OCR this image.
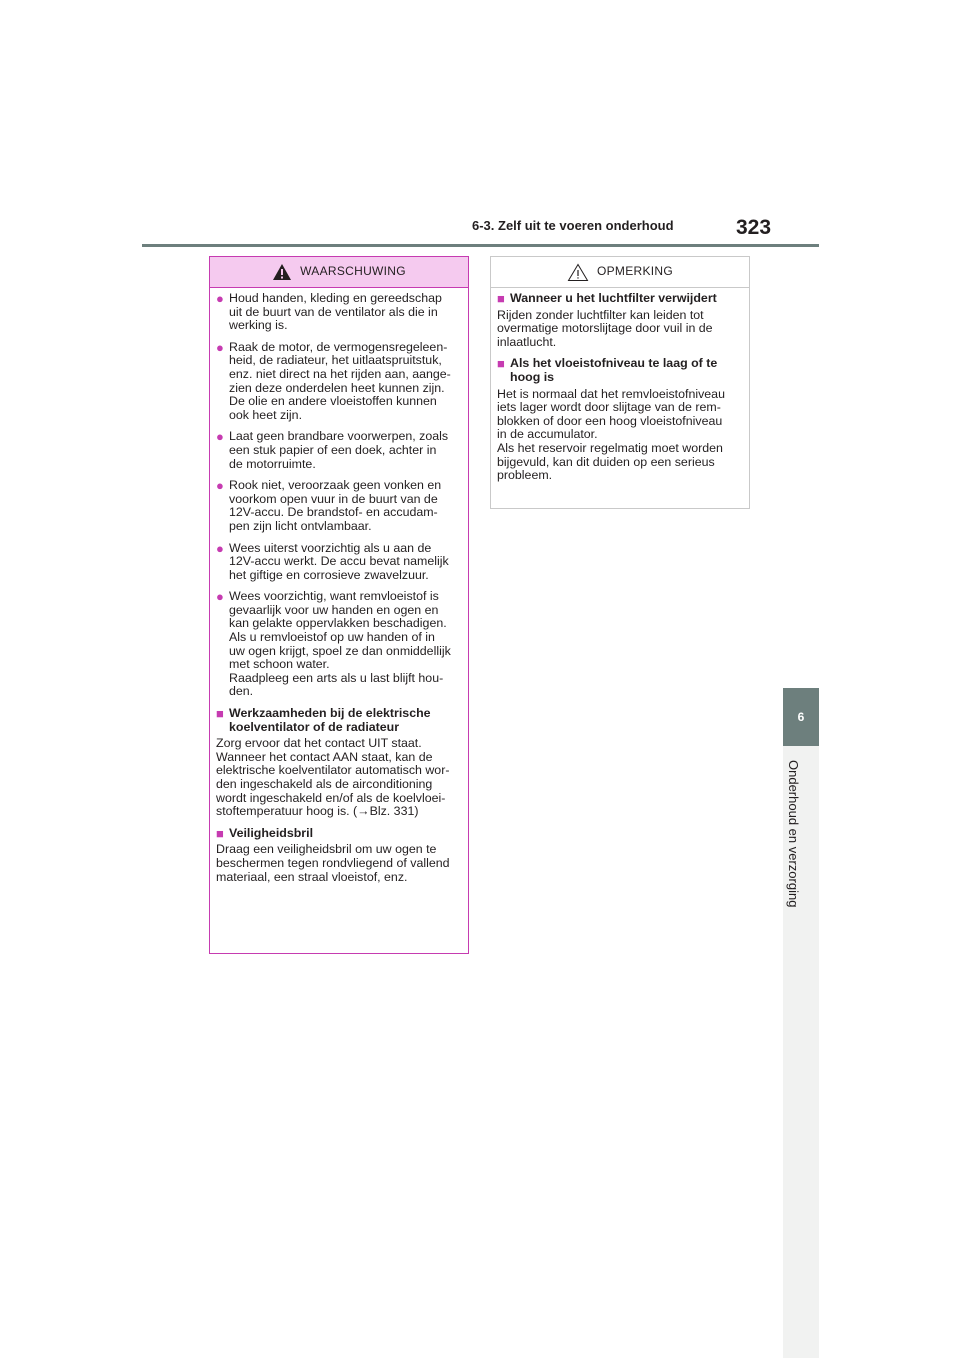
6-3. Zelf uit te voeren onderhoud	323
6
Onderhoud en verzorging
WAARSCHUWING
● Houd handen, kleding en gereedschap
uit de buurt van de ventilator als die in
werking is.
● Raak de motor, de vermogensregeleen-
heid, de radiateur, het uitlaatspruitstuk,
enz. niet direct na het rijden aan, aange-
zien deze onderdelen heet kunnen zijn.
De olie en andere vloeistoffen kunnen
ook heet zijn.
● Laat geen brandbare voorwerpen, zoals
een stuk papier of een doek, achter in
de motorruimte.
● Rook niet, veroorzaak geen vonken en
voorkom open vuur in de buurt van de
12V-accu. De brandstof- en accudam-
pen zijn licht ontvlambaar.
● Wees uiterst voorzichtig als u aan de
12V-accu werkt. De accu bevat namelijk
het giftige en corrosieve zwavelzuur.
● Wees voorzichtig, want remvloeistof is
gevaarlijk voor uw handen en ogen en
kan gelakte oppervlakken beschadigen.
Als u remvloeistof op uw handen of in
uw ogen krijgt, spoel ze dan onmiddellijk
met schoon water.
Raadpleeg een arts als u last blijft hou-
den.
■ Werkzaamheden bij de elektrische
koelventilator of de radiateur
Zorg ervoor dat het contact UIT staat.
Wanneer het contact AAN staat, kan de
elektrische koelventilator automatisch wor-
den ingeschakeld als de airconditioning
wordt ingeschakeld en/of als de koelvloei-
stoftemperatuur hoog is. (→Blz. 331)
■ Veiligheidsbril
Draag een veiligheidsbril om uw ogen te
beschermen tegen rondvliegend of vallend
materiaal, een straal vloeistof, enz.
OPMERKING
■ Wanneer u het luchtfilter verwijdert
Rijden zonder luchtfilter kan leiden tot
overmatige motorslijtage door vuil in de
inlaatlucht.
■ Als het vloeistofniveau te laag of te
hoog is
Het is normaal dat het remvloeistofniveau
iets lager wordt door slijtage van de rem-
blokken of door een hoog vloeistofniveau
in de accumulator.
Als het reservoir regelmatig moet worden
bijgevuld, kan dit duiden op een serieus
probleem.
